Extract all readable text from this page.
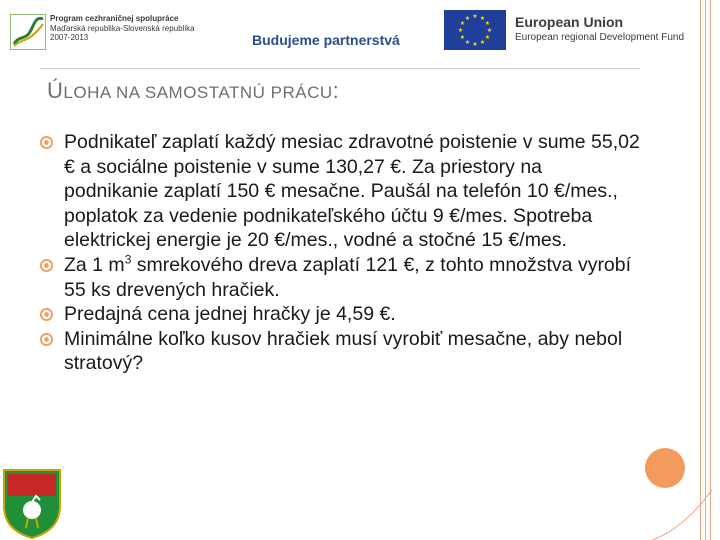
Program cezhraničnej spolupráce
Maďarská republika-Slovenská republika
2007-2013	Budujeme partnerstvá
★ ★
★
★
★
★
★
★
★
★
★
★	European Union
European regional Development Fund
ÚLOHA NA SAMOSTATNÚ PRÁCU:
Podnikateľ zaplatí každý mesiac zdravotné poistenie v sume 55,02 € a sociálne poistenie v sume 130,27 €. Za priestory na podnikanie zaplatí 150 € mesačne. Paušál na telefón 10 €/mes., poplatok za vedenie podnikateľského účtu 9 €/mes. Spotreba elektrickej energie je 20 €/mes., vodné a stočné 15 €/mes.
Za 1 $m^3$ smrekového dreva zaplatí 121 €, z tohto množstva vyrobí 55 ks drevených hračiek.
Predajná cena jednej hračky je 4,59 €.
Minimálne koľko kusov hračiek musí vyrobiť mesačne, aby nebol stratový?
